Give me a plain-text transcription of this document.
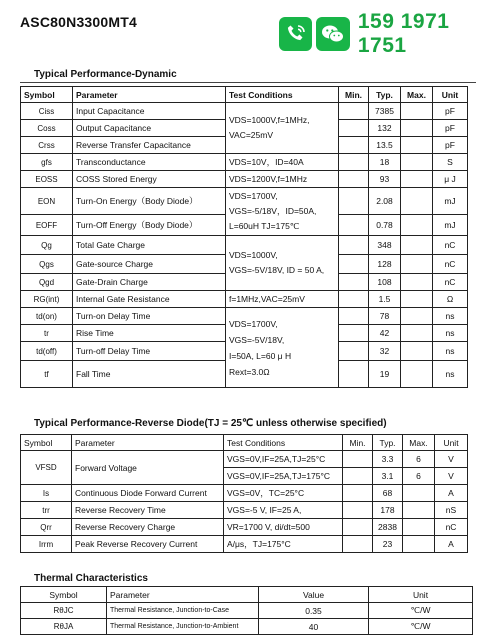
ASC80N3300MT4	159 1971 1751
Typical Performance-Dynamic
Symbol	Parameter	Test Conditions	Min.	Typ.	Max.	Unit
Ciss	Input Capacitance	VDS=1000V,f=1MHz,
VAC=25mV		7385		pF
Coss	Output Capacitance			132		pF
Crss	Reverse Transfer Capacitance			13.5		pF
gfs	Transconductance	VDS=10V，ID=40A		18		S
EOSS	COSS Stored Energy	VDS=1200V,f=1MHz		93		μ J
EON	Turn-On Energy（Body Diode）	VDS=1700V,
VGS=-5/18V，ID=50A,
L=60uH TJ=175℃		2.08		mJ
EOFF	Turn-Off Energy（Body Diode）			0.78		mJ
Qg	Total Gate Charge	VDS=1000V,
VGS=-5V/18V, ID = 50 A,		348		nC
Qgs	Gate-source Charge			128		nC
Qgd	Gate-Drain Charge			108		nC
RG(int)	Internal Gate Resistance	f=1MHz,VAC=25mV		1.5		Ω
td(on)	Turn-on Delay Time	VDS=1700V,
VGS=-5V/18V,
I=50A, L=60 μ H
Rext=3.0Ω		78		ns
tr	Rise Time			42		ns
td(off)	Turn-off Delay Time			32		ns
tf	Fall Time			19		ns
Typical Performance-Reverse Diode(TJ = 25℃ unless otherwise specified)
Symbol	Parameter	Test Conditions	Min.	Typ.	Max.	Unit
VFSD	Forward Voltage	VGS=0V,IF=25A,TJ=25°C		3.3	6	V
		VGS=0V,IF=25A,TJ=175°C		3.1	6	V
Is	Continuous Diode Forward Current	VGS=0V，TC=25°C		68		A
trr	Reverse Recovery Time	VGS=-5 V, IF=25 A,		178		nS
Qrr	Reverse Recovery Charge	VR=1700 V, di/dt=500		2838		nC
Irrm	Peak Reverse Recovery Current	A/μs，TJ=175°C		23		A
Thermal Characteristics
Symbol	Parameter	Value	Unit
RθJC	Thermal Resistance, Junction-to-Case	0.35	℃/W
RθJA	Thermal Resistance, Junction-to-Ambient	40	℃/W
